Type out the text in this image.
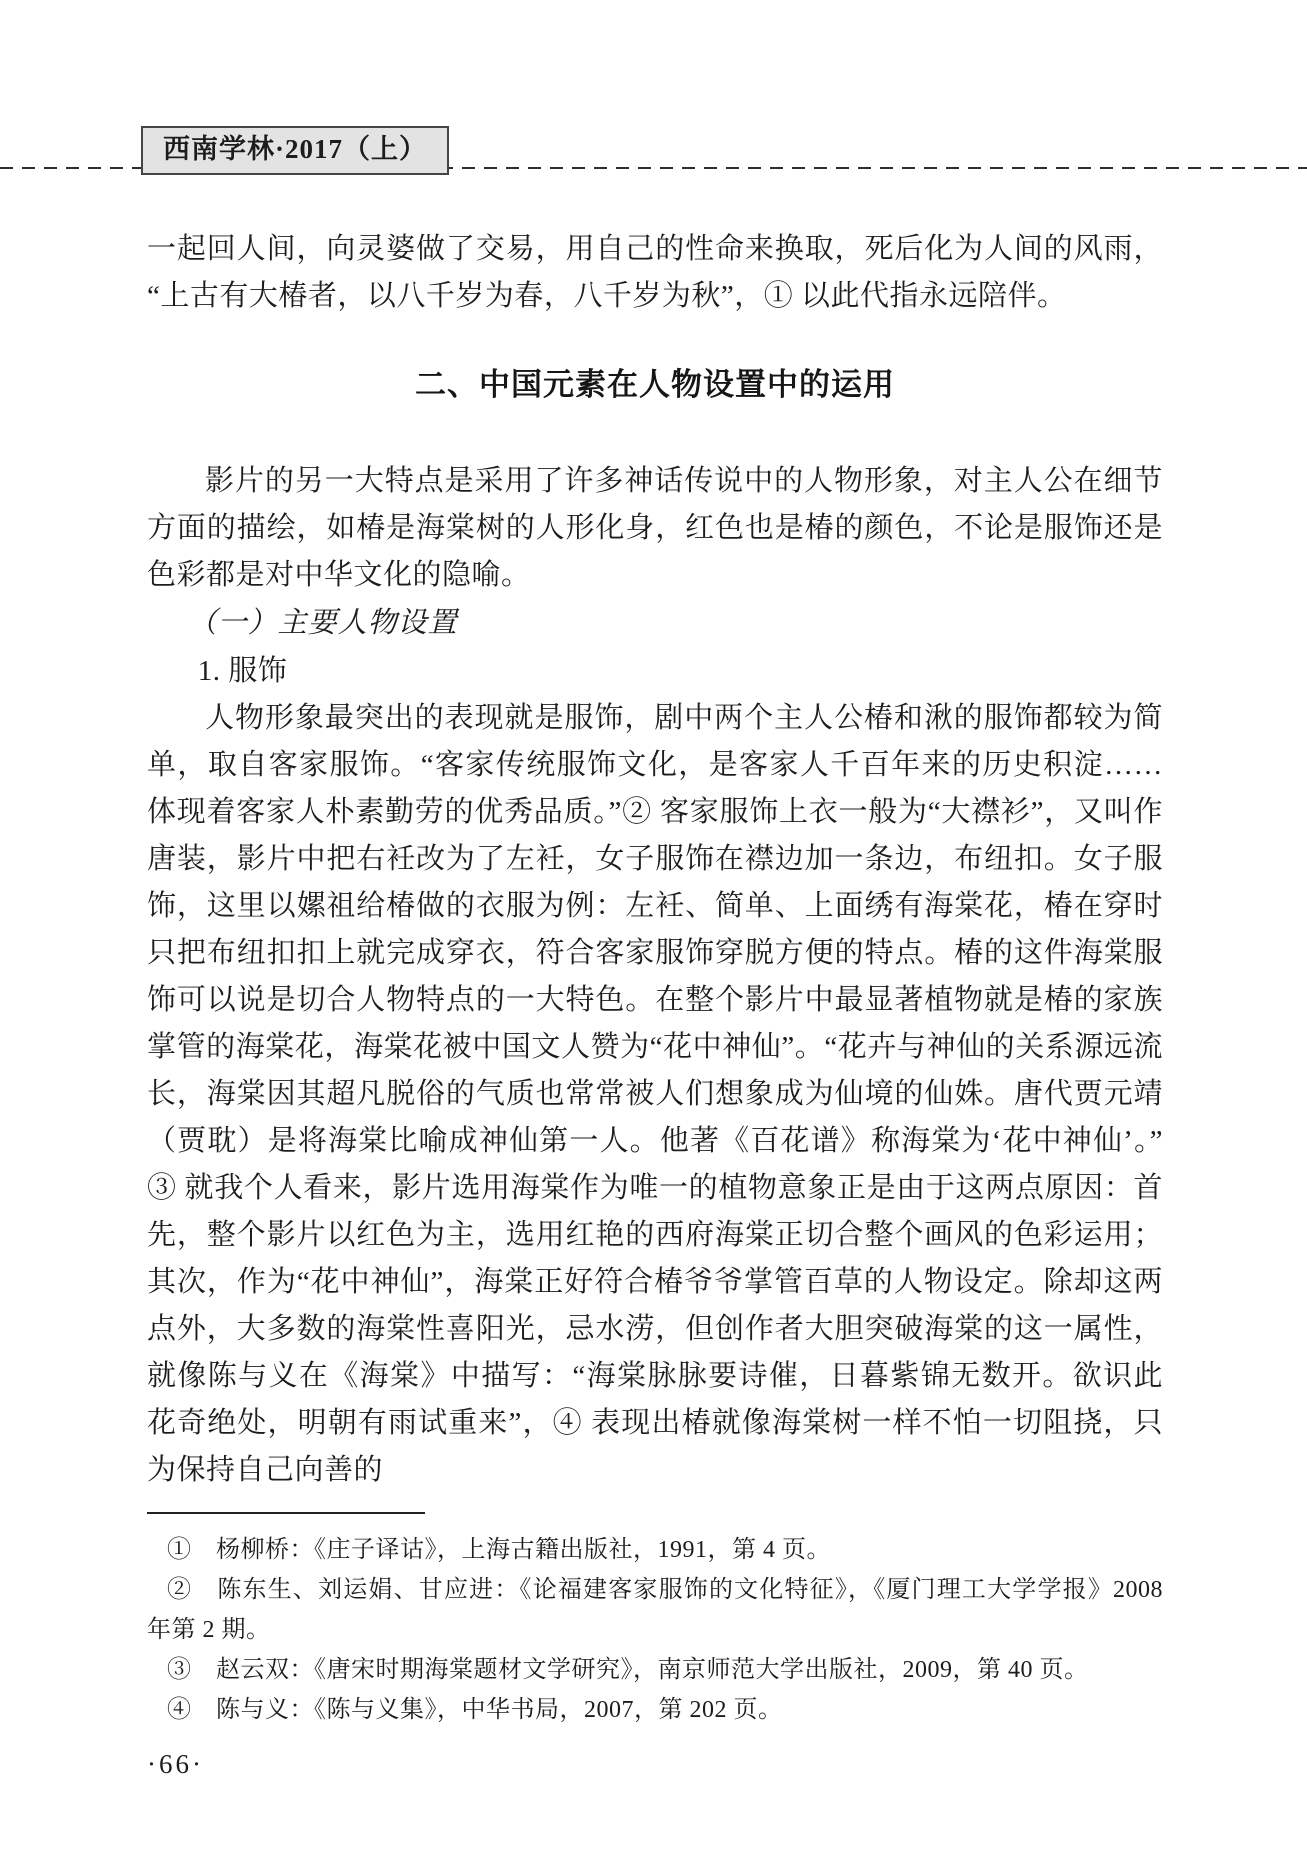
西南学林·2017（上）

一起回人间，向灵婆做了交易，用自己的性命来换取，死后化为人间的风雨，“上古有大椿者，以八千岁为春，八千岁为秋”，① 以此代指永远陪伴。

二、中国元素在人物设置中的运用

影片的另一大特点是采用了许多神话传说中的人物形象，对主人公在细节方面的描绘，如椿是海棠树的人形化身，红色也是椿的颜色，不论是服饰还是色彩都是对中华文化的隐喻。

（一）主要人物设置

1. 服饰

人物形象最突出的表现就是服饰，剧中两个主人公椿和湫的服饰都较为简单，取自客家服饰。“客家传统服饰文化，是客家人千百年来的历史积淀……体现着客家人朴素勤劳的优秀品质。”② 客家服饰上衣一般为“大襟衫”，又叫作唐装，影片中把右衽改为了左衽，女子服饰在襟边加一条边，布纽扣。女子服饰，这里以嫘祖给椿做的衣服为例：左衽、简单、上面绣有海棠花，椿在穿时只把布纽扣扣上就完成穿衣，符合客家服饰穿脱方便的特点。椿的这件海棠服饰可以说是切合人物特点的一大特色。在整个影片中最显著植物就是椿的家族掌管的海棠花，海棠花被中国文人赞为“花中神仙”。“花卉与神仙的关系源远流长，海棠因其超凡脱俗的气质也常常被人们想象成为仙境的仙姝。唐代贾元靖（贾耽）是将海棠比喻成神仙第一人。他著《百花谱》称海棠为‘花中神仙’。”③ 就我个人看来，影片选用海棠作为唯一的植物意象正是由于这两点原因：首先，整个影片以红色为主，选用红艳的西府海棠正切合整个画风的色彩运用；其次，作为“花中神仙”，海棠正好符合椿爷爷掌管百草的人物设定。除却这两点外，大多数的海棠性喜阳光，忌水涝，但创作者大胆突破海棠的这一属性，就像陈与义在《海棠》中描写：“海棠脉脉要诗催，日暮紫锦无数开。欲识此花奇绝处，明朝有雨试重来”，④ 表现出椿就像海棠树一样不怕一切阻挠，只为保持自己向善的

①　杨柳桥：《庄子译诂》，上海古籍出版社，1991，第 4 页。

②　陈东生、刘运娟、甘应进：《论福建客家服饰的文化特征》，《厦门理工大学学报》2008 年第 2 期。

③　赵云双：《唐宋时期海棠题材文学研究》，南京师范大学出版社，2009，第 40 页。

④　陈与义：《陈与义集》，中华书局，2007，第 202 页。

·66·
